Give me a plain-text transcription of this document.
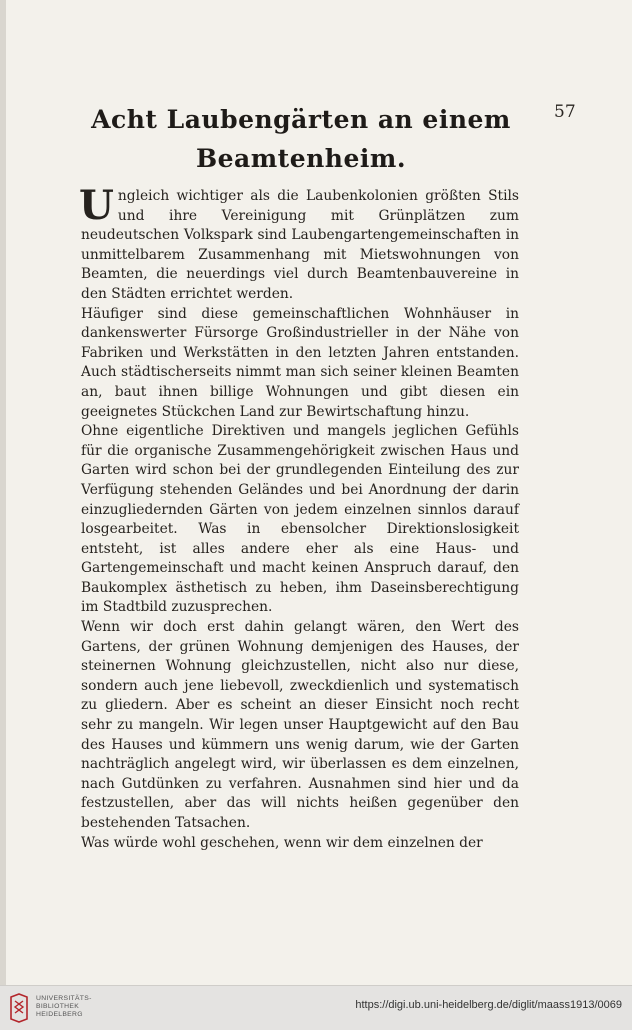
57
Acht Laubengärten an einem
Beamtenheim.

Ungleich wichtiger als die Laubenkolonien größten Stils und ihre Vereinigung mit Grünplätzen zum neudeutschen Volkspark sind Laubengartengemeinschaften in unmittelbarem Zusammenhang mit Mietswohnungen von Beamten, die neuerdings viel durch Beamtenbauvereine in den Städten errichtet werden.

Häufiger sind diese gemeinschaftlichen Wohnhäuser in dankenswerter Fürsorge Großindustrieller in der Nähe von Fabriken und Werkstätten in den letzten Jahren entstanden. Auch städtischerseits nimmt man sich seiner kleinen Beamten an, baut ihnen billige Wohnungen und gibt diesen ein geeignetes Stückchen Land zur Bewirtschaftung hinzu.

Ohne eigentliche Direktiven und mangels jeglichen Gefühls für die organische Zusammengehörigkeit zwischen Haus und Garten wird schon bei der grundlegenden Einteilung des zur Verfügung stehenden Geländes und bei Anordnung der darin einzugliedernden Gärten von jedem einzelnen sinnlos darauf losgearbeitet. Was in ebensolcher Direktionslosigkeit entsteht, ist alles andere eher als eine Haus- und Gartengemeinschaft und macht keinen Anspruch darauf, den Baukomplex ästhetisch zu heben, ihm Daseinsberechtigung im Stadtbild zuzusprechen.

Wenn wir doch erst dahin gelangt wären, den Wert des Gartens, der grünen Wohnung demjenigen des Hauses, der steinernen Wohnung gleichzustellen, nicht also nur diese, sondern auch jene liebevoll, zweckdienlich und systematisch zu gliedern. Aber es scheint an dieser Einsicht noch recht sehr zu mangeln. Wir legen unser Hauptgewicht auf den Bau des Hauses und kümmern uns wenig darum, wie der Garten nachträglich angelegt wird, wir überlassen es dem einzelnen, nach Gutdünken zu verfahren. Ausnahmen sind hier und da festzustellen, aber das will nichts heißen gegenüber den bestehenden Tatsachen.

Was würde wohl geschehen, wenn wir dem einzelnen der

UNIVERSITÄTS-
BIBLIOTHEK
HEIDELBERG
https://digi.ub.uni-heidelberg.de/diglit/maass1913/0069
